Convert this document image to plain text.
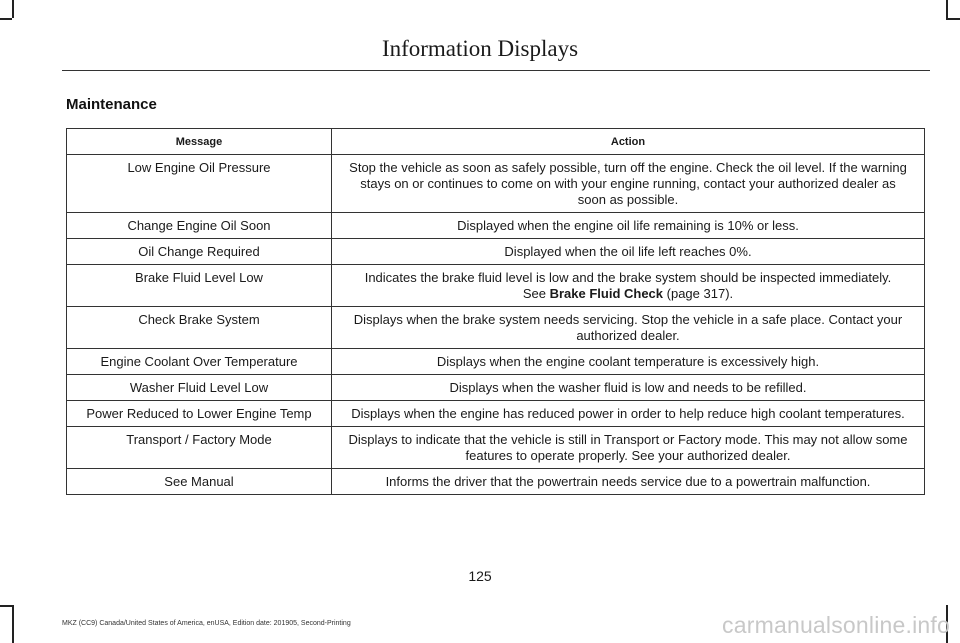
Information Displays
Maintenance
Message	Action
Low Engine Oil Pressure	Stop the vehicle as soon as safely possible, turn off the engine. Check the oil level. If the warning
stays on or continues to come on with your engine running, contact your authorized dealer as
soon as possible.
Change Engine Oil Soon	Displayed when the engine oil life remaining is 10% or less.
Oil Change Required	Displayed when the oil life left reaches 0%.
Brake Fluid Level Low	Indicates the brake fluid level is low and the brake system should be inspected immediately.
See Brake Fluid Check (page 317).
Check Brake System	Displays when the brake system needs servicing. Stop the vehicle in a safe place. Contact your
authorized dealer.
Engine Coolant Over Temperature	Displays when the engine coolant temperature is excessively high.
Washer Fluid Level Low	Displays when the washer fluid is low and needs to be refilled.
Power Reduced to Lower Engine Temp	Displays when the engine has reduced power in order to help reduce high coolant temperatures.
Transport / Factory Mode	Displays to indicate that the vehicle is still in Transport or Factory mode. This may not allow some
features to operate properly. See your authorized dealer.
See Manual	Informs the driver that the powertrain needs service due to a powertrain malfunction.
125
MKZ (CC9) Canada/United States of America, enUSA, Edition date: 201905, Second-Printing	carmanualsonline.info
